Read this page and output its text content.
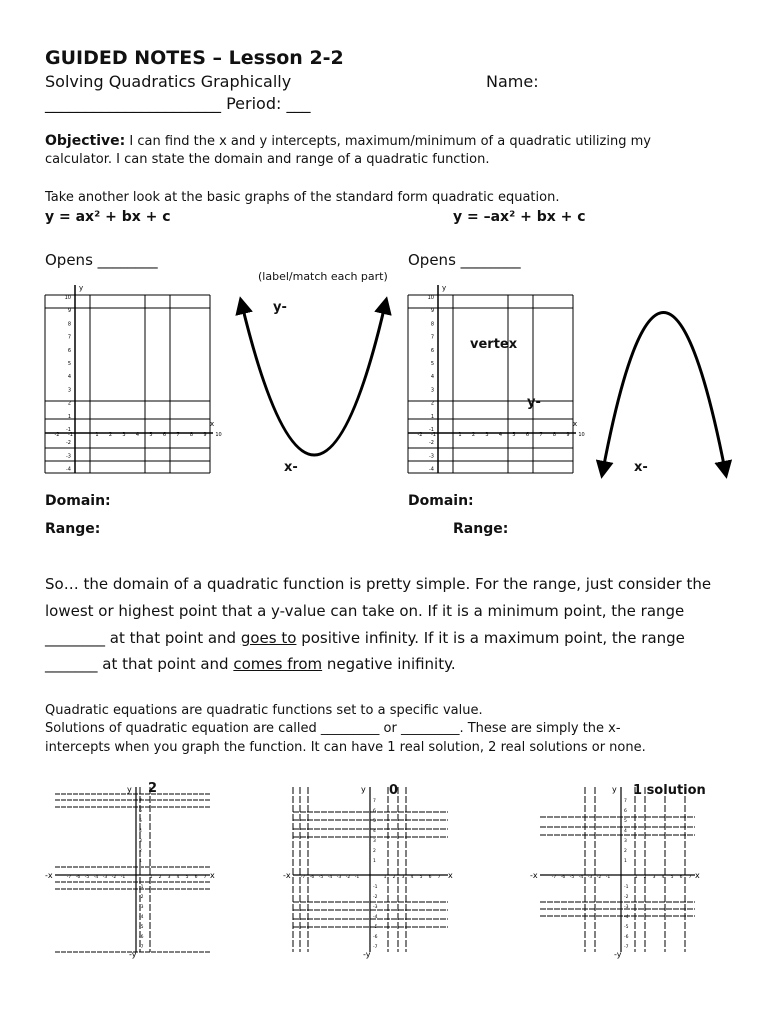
GUIDED NOTES – Lesson 2-2
Solving Quadratics Graphically	Name:
______________________ Period: ___
Objective: I can find the x and y intercepts, maximum/minimum of a quadratic utilizing my
calculator. I can state the domain and range of a quadratic function.
Take another look at the basic graphs of the standard form quadratic equation.
y = ax² + bx + c	y = –ax² + bx + c
Opens ________	Opens ________
(label/match each part)
y
x
10
9
8
7
6
5
4
3
2
1
-1
-2
-3
-4
-2 -1	1 2 3 4 5 6 7 8 9 10
y
x
10
9
8
7
6
5
4
3
2
1
-1
-2
-3
-4
-2 -1	1 2 3 4 5 6 7 8 9 10
y-
x-
vertex
y-
x-
Domain:
Range:
Domain:
Range:
So… the domain of a quadratic function is pretty simple. For the range, just consider the
lowest or highest point that a y-value can take on. If it is a minimum point, the range
________ at that point and goes to positive infinity. If it is a maximum point, the range
_______ at that point and comes from negative inifinity.
Quadratic equations are quadratic functions set to a specific value.
Solutions of quadratic equation are called _________ or _________. These are simply the x-
intercepts when you graph the function. It can have 1 real solution, 2 real solutions or none.
y
-y
-x	x
1
-1
1
-1
2
-2
2
-2
3
-3
3
-3
4
-4
4
-4
5
-5
5
-5
6
-6
6
-6
7
-7
7
-7
y
-y
-x	x
1
-1
1
-1
2
-2
2
-2
3
-3
3
-3
4
-4
4
-4
5
-5
5
-5
6
-6
6
-6
7
-7
7
-7
y
-y
-x	x
1
-1
1
-1
2
-2
2
-2
3
-3
3
-3
4
-4
4
-4
5
-5
5
-5
6
-6
6
-6
7
-7
7
-7
2	0	1 solution
